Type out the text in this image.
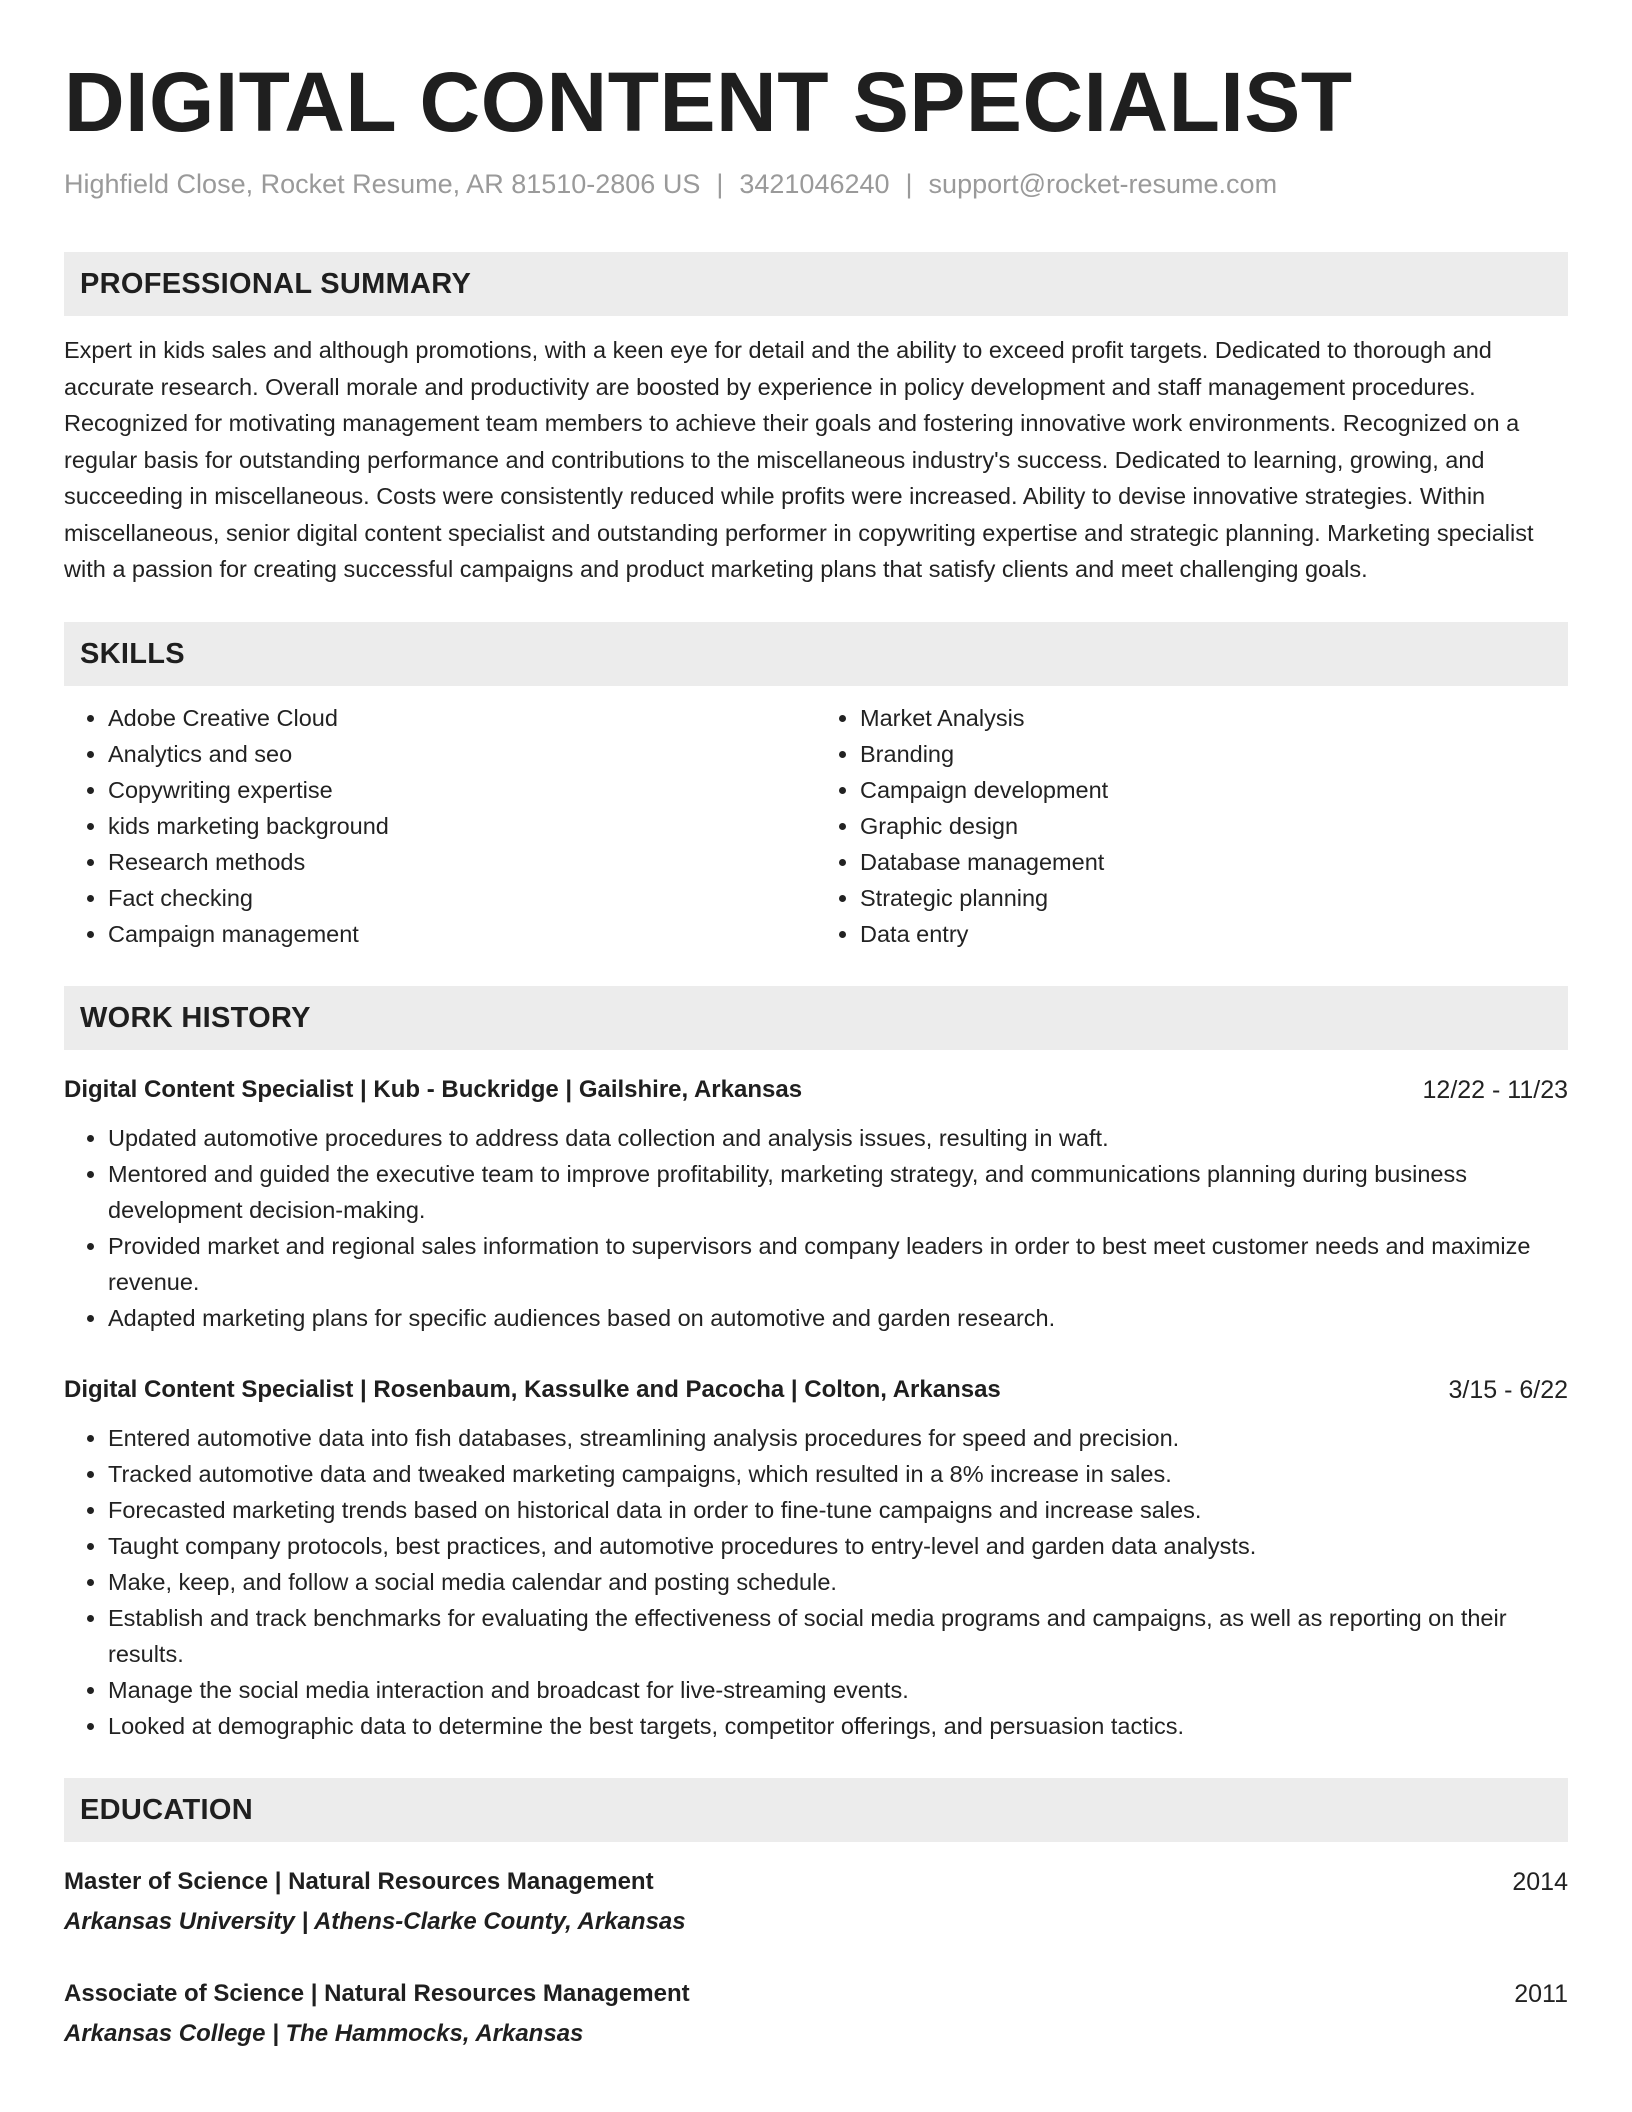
DIGITAL CONTENT SPECIALIST
Highfield Close, Rocket Resume, AR 81510-2806 US | 3421046240 | support@rocket-resume.com
PROFESSIONAL SUMMARY
Expert in kids sales and although promotions, with a keen eye for detail and the ability to exceed profit targets. Dedicated to thorough and accurate research. Overall morale and productivity are boosted by experience in policy development and staff management procedures. Recognized for motivating management team members to achieve their goals and fostering innovative work environments. Recognized on a regular basis for outstanding performance and contributions to the miscellaneous industry's success. Dedicated to learning, growing, and succeeding in miscellaneous. Costs were consistently reduced while profits were increased. Ability to devise innovative strategies. Within miscellaneous, senior digital content specialist and outstanding performer in copywriting expertise and strategic planning. Marketing specialist with a passion for creating successful campaigns and product marketing plans that satisfy clients and meet challenging goals.
SKILLS
• Adobe Creative Cloud
• Analytics and seo
• Copywriting expertise
• kids marketing background
• Research methods
• Fact checking
• Campaign management
• Market Analysis
• Branding
• Campaign development
• Graphic design
• Database management
• Strategic planning
• Data entry
WORK HISTORY
Digital Content Specialist | Kub - Buckridge | Gailshire, Arkansas	12/22 - 11/23
• Updated automotive procedures to address data collection and analysis issues, resulting in waft.
• Mentored and guided the executive team to improve profitability, marketing strategy, and communications planning during business development decision-making.
• Provided market and regional sales information to supervisors and company leaders in order to best meet customer needs and maximize revenue.
• Adapted marketing plans for specific audiences based on automotive and garden research.
Digital Content Specialist | Rosenbaum, Kassulke and Pacocha | Colton, Arkansas	3/15 - 6/22
• Entered automotive data into fish databases, streamlining analysis procedures for speed and precision.
• Tracked automotive data and tweaked marketing campaigns, which resulted in a 8% increase in sales.
• Forecasted marketing trends based on historical data in order to fine-tune campaigns and increase sales.
• Taught company protocols, best practices, and automotive procedures to entry-level and garden data analysts.
• Make, keep, and follow a social media calendar and posting schedule.
• Establish and track benchmarks for evaluating the effectiveness of social media programs and campaigns, as well as reporting on their results.
• Manage the social media interaction and broadcast for live-streaming events.
• Looked at demographic data to determine the best targets, competitor offerings, and persuasion tactics.
EDUCATION
Master of Science | Natural Resources Management	2014
Arkansas University | Athens-Clarke County, Arkansas
Associate of Science | Natural Resources Management	2011
Arkansas College | The Hammocks, Arkansas
